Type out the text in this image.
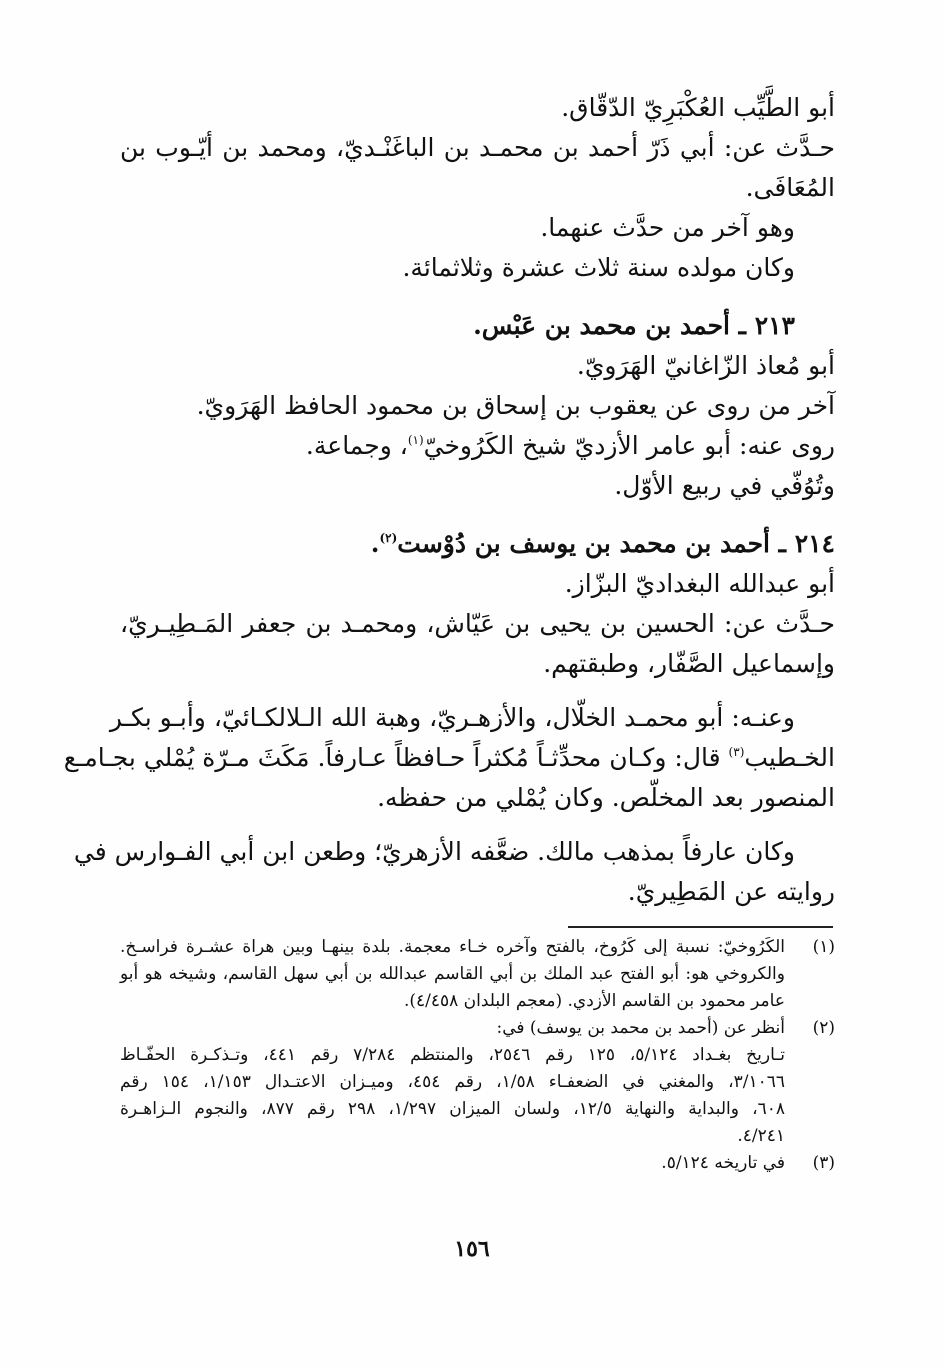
أبو الطَّيِّب العُكْبَرِيّ الدّقّاق.

حـدَّث عن: أبي ذَرّ أحمد بن محمـد بن الباغَنْـديّ، ومحمد بن أيّـوب بن

المُعَافَى.

وهو آخر من حدَّث عنهما.

وكان مولده سنة ثلاث عشرة وثلاثمائة.

٢١٣ ـ أحمد بن محمد بن عَبْس.

أبو مُعاذ الزّاغانيّ الهَرَويّ.

آخر من روى عن يعقوب بن إسحاق بن محمود الحافظ الهَرَويّ.

روى عنه: أبو عامر الأزديّ شيخ الكَرُوخيّ$^{(١)}$، وجماعة.

وتُوُفّي في ربيع الأوّل.

٢١٤ ـ أحمد بن محمد بن يوسف بن دُوْست$^{(٢)}$.

أبو عبدالله البغداديّ البزّاز.

حـدَّث عن: الحسين بن يحيى بن عَيّاش، ومحمـد بن جعفر المَـطِيـريّ،

وإسماعيل الصَّفّار، وطبقتهم.

وعنـه: أبو محمـد الخلّال، والأزهـريّ، وهبة الله الـلالكـائيّ، وأبـو بكـر

الخـطيب$^{(٣)}$ قال: وكـان محدِّثـاً مُكثراً حـافظاً عـارفاً. مَكَثَ مـرّة يُمْلي بجـامـع

المنصور بعد المخلّص. وكان يُمْلي من حفظه.

وكان عارفاً بمذهب مالك. ضعَّفه الأزهريّ؛ وطعن ابن أبي الفـوارس في

روايته عن المَطِيريّ.

(١)
الكَرُوخيّ: نسبة إلى كَرُوخ، بالفتح وآخره خـاء معجمة. بلدة بينهـا وبين هراة عشـرة فراسـخ.

والكروخي هو: أبو الفتح عبد الملك بن أبي القاسم عبدالله بن أبي سهل القاسم، وشيخه هو أبو

عامر محمود بن القاسم الأزدي. (معجم البلدان ٤/٤٥٨).

(٢)
أنظر عن (أحمد بن محمد بن يوسف) في:

تـاريخ بغـداد ٥/١٢٤، ١٢٥ رقم ٢٥٤٦، والمنتظم ٧/٢٨٤ رقم ٤٤١، وتـذكـرة الحفّـاظ

٣/١٠٦٦، والمغني في الضعفـاء ١/٥٨، رقم ٤٥٤، وميـزان الاعتـدال ١/١٥٣، ١٥٤ رقم

٦٠٨، والبداية والنهاية ١٢/٥، ولسان الميزان ١/٢٩٧، ٢٩٨ رقم ٨٧٧، والنجوم الـزاهـرة

٤/٢٤١.

(٣)
في تاريخه ٥/١٢٤.

١٥٦
